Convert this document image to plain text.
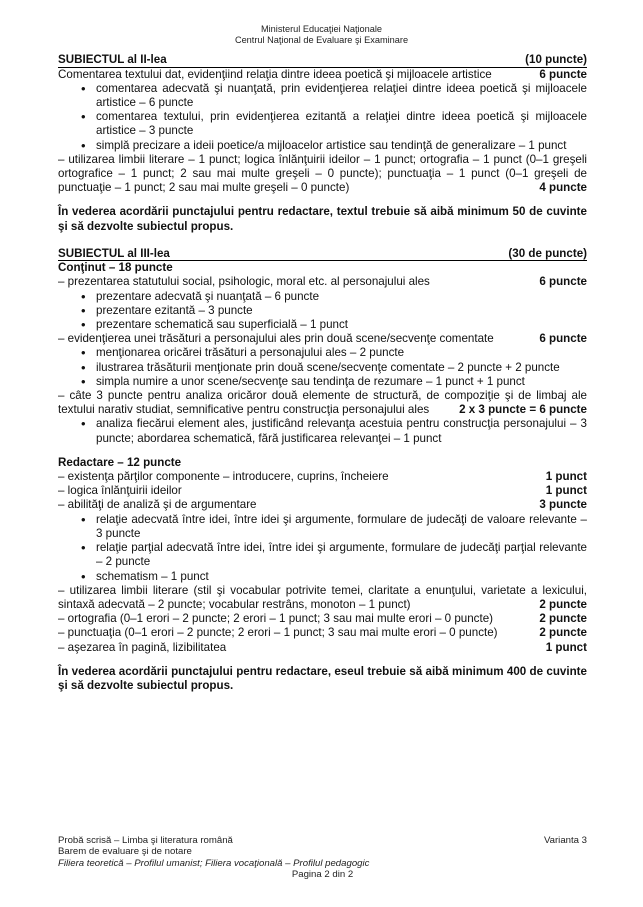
Ministerul Educaţiei Naţionale
Centrul Naţional de Evaluare şi Examinare
SUBIECTUL al II-lea	(10 puncte)
Comentarea textului dat, evidenţiind relaţia dintre ideea poetică şi mijloacele artistice	6 puncte
• comentarea adecvată şi nuanţată, prin evidenţierea relaţiei dintre ideea poetică şi mijloacele artistice – 6 puncte
• comentarea textului, prin evidenţierea ezitantă a relaţiei dintre ideea poetică şi mijloacele artistice – 3 puncte
• simplă precizare a ideii poetice/a mijloacelor artistice sau tendinţă de generalizare – 1 punct
– utilizarea limbii literare – 1 punct; logica înlănţuirii ideilor – 1 punct; ortografia – 1 punct (0–1 greşeli ortografice – 1 punct; 2 sau mai multe greşeli – 0 puncte); punctuaţia – 1 punct (0–1 greşeli de punctuaţie – 1 punct; 2 sau mai multe greşeli – 0 puncte)	4 puncte
În vederea acordării punctajului pentru redactare, textul trebuie să aibă minimum 50 de cuvinte şi să dezvolte subiectul propus.
SUBIECTUL al III-lea	(30 de puncte)
Conţinut – 18 puncte
– prezentarea statutului social, psihologic, moral etc. al personajului ales	6 puncte
• prezentare adecvată şi nuanţată – 6 puncte
• prezentare ezitantă – 3 puncte
• prezentare schematică sau superficială – 1 punct
– evidenţierea unei trăsături a personajului ales prin două scene/secvenţe comentate	6 puncte
• menţionarea oricărei trăsături a personajului ales – 2 puncte
• ilustrarea trăsăturii menţionate prin două scene/secvenţe comentate – 2 puncte + 2 puncte
• simpla numire a unor scene/secvenţe sau tendinţa de rezumare – 1 punct + 1 punct
– câte 3 puncte pentru analiza oricăror două elemente de structură, de compoziţie şi de limbaj ale textului narativ studiat, semnificative pentru construcţia personajului ales	2 x 3 puncte = 6 puncte
• analiza fiecărui element ales, justificând relevanţa acestuia pentru construcţia personajului – 3 puncte; abordarea schematică, fără justificarea relevanţei – 1 punct
Redactare – 12 puncte
– existenţa părţilor componente – introducere, cuprins, încheiere	1 punct
– logica înlănţuirii ideilor	1 punct
– abilităţi de analiză şi de argumentare	3 puncte
• relaţie adecvată între idei, între idei şi argumente, formulare de judecăţi de valoare relevante – 3 puncte
• relaţie parţial adecvată între idei, între idei şi argumente, formulare de judecăţi parţial relevante – 2 puncte
• schematism – 1 punct
– utilizarea limbii literare (stil şi vocabular potrivite temei, claritate a enunţului, varietate a lexicului, sintaxă adecvată – 2 puncte; vocabular restrâns, monoton – 1 punct)	2 puncte
– ortografia (0–1 erori – 2 puncte; 2 erori – 1 punct; 3 sau mai multe erori – 0 puncte)	2 puncte
– punctuaţia (0–1 erori – 2 puncte; 2 erori – 1 punct; 3 sau mai multe erori – 0 puncte)	2 puncte
– aşezarea în pagină, lizibilitatea	1 punct
În vederea acordării punctajului pentru redactare, eseul trebuie să aibă minimum 400 de cuvinte şi să dezvolte subiectul propus.
Probă scrisă – Limba şi literatura română	Varianta 3
Barem de evaluare şi de notare
Filiera teoretică – Profilul umanist; Filiera vocaţională – Profilul pedagogic
Pagina 2 din 2
